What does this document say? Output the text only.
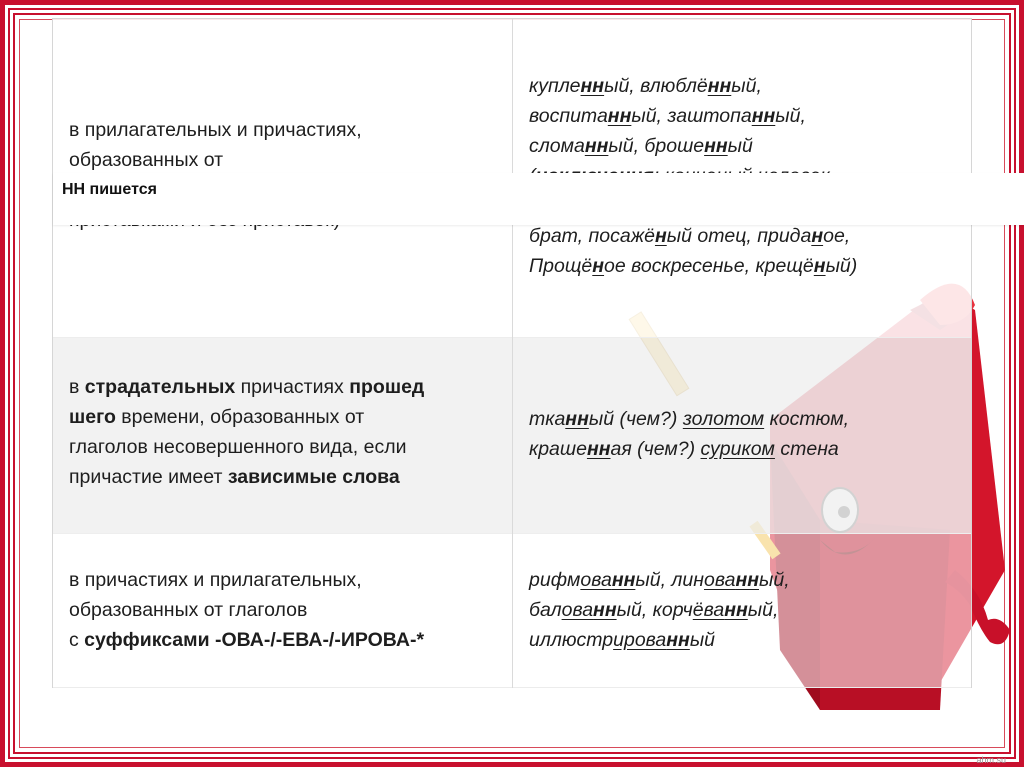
в прилагательных и причастиях,
образованных от
купленный, влюблённый,
воспитанный, заштопанный,
сломанный, брошенный
брат, посажёный отец, приданое,
Прощёное воскресенье, крещёный)
в страдательных причастиях прошед
шего времени, образованных от
глаголов несовершенного вида, если
причастие имеет зависимые слова
тканный (чем?) золотом костюм,
крашенная (чем?) суриком стена
в причастиях и прилагательных,
образованных от глаголов
с суффиксами -ОВА-/-ЕВА-/-ИРОВА-*
рифмованный, линованный,
балованный, корчёванный,
иллюстрированный
НН пишется
ahm.su
